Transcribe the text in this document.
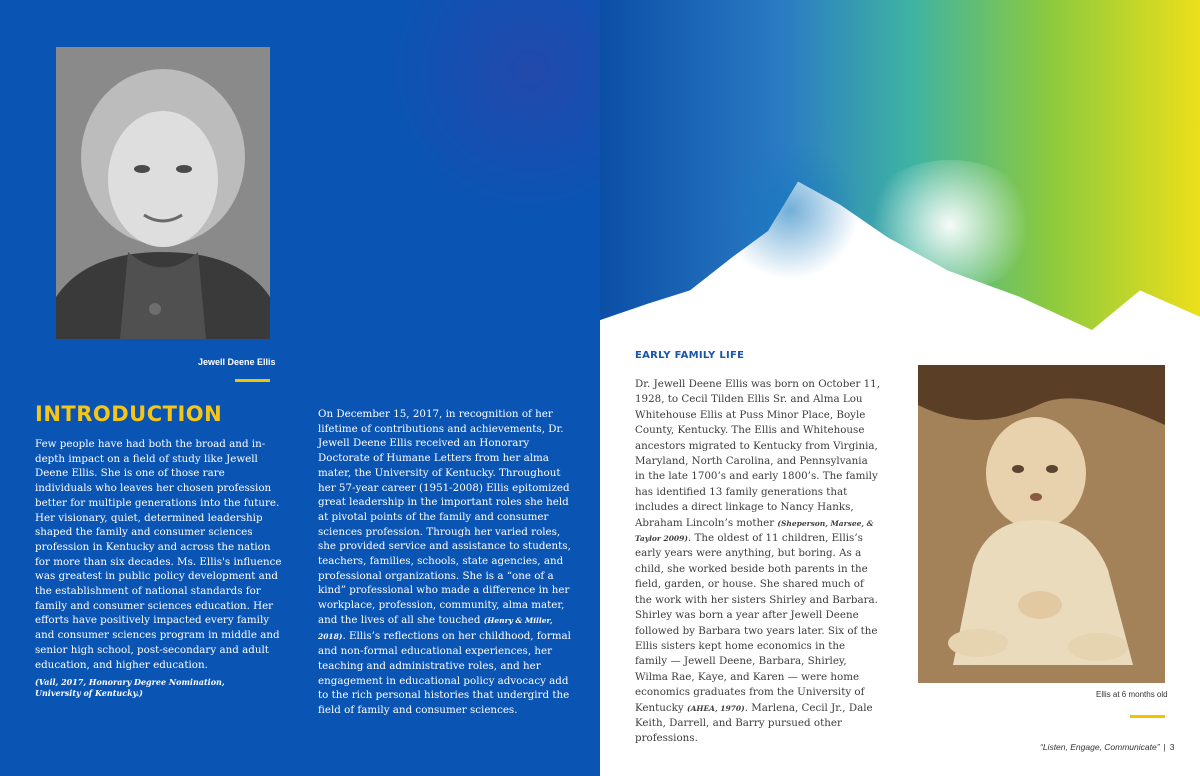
Jewell Deene Ellis
INTRODUCTION

Few people have had both the broad and in-depth impact on a field of study like Jewell Deene Ellis. She is one of those rare individuals who leaves her chosen profession better for multiple generations into the future. Her visionary, quiet, determined leadership shaped the family and consumer sciences profession in Kentucky and across the nation for more than six decades. Ms. Ellis's influence was greatest in public policy development and the establishment of national standards for family and consumer sciences education. Her efforts have positively impacted every family and consumer sciences program in middle and senior high school, post-secondary and adult education, and higher education.

(Vail, 2017, Honorary Degree Nomination, University of Kentucky.)

On December 15, 2017, in recognition of her lifetime of contributions and achievements, Dr. Jewell Deene Ellis received an Honorary Doctorate of Humane Letters from her alma mater, the University of Kentucky. Throughout her 57-year career (1951-2008) Ellis epitomized great leadership in the important roles she held at pivotal points of the family and consumer sciences profession. Through her varied roles, she provided service and assistance to students, teachers, families, schools, state agencies, and professional organizations. She is a “one of a kind” professional who made a difference in her workplace, profession, community, alma mater, and the lives of all she touched (Henry & Miller, 2018). Ellis’s reflections on her childhood, formal and non-formal educational experiences, her teaching and administrative roles, and her engagement in educational policy advocacy add to the rich personal histories that undergird the field of family and consumer sciences.

EARLY FAMILY LIFE

Dr. Jewell Deene Ellis was born on October 11, 1928, to Cecil Tilden Ellis Sr. and Alma Lou Whitehouse Ellis at Puss Minor Place, Boyle County, Kentucky. The Ellis and Whitehouse ancestors migrated to Kentucky from Virginia, Maryland, North Carolina, and Pennsylvania in the late 1700’s and early 1800’s. The family has identified 13 family generations that includes a direct linkage to Nancy Hanks, Abraham Lincoln’s mother (Sheperson, Marsee, & Taylor 2009). The oldest of 11 children, Ellis’s early years were anything, but boring. As a child, she worked beside both parents in the field, garden, or house. She shared much of the work with her sisters Shirley and Barbara. Shirley was born a year after Jewell Deene followed by Barbara two years later. Six of the Ellis sisters kept home economics in the family — Jewell Deene, Barbara, Shirley, Wilma Rae, Kaye, and Karen — were home economics graduates from the University of Kentucky (AHEA, 1970). Marlena, Cecil Jr., Dale Keith, Darrell, and Barry pursued other professions.

Ellis at 6 months old
“Listen, Engage, Communicate” | 3
